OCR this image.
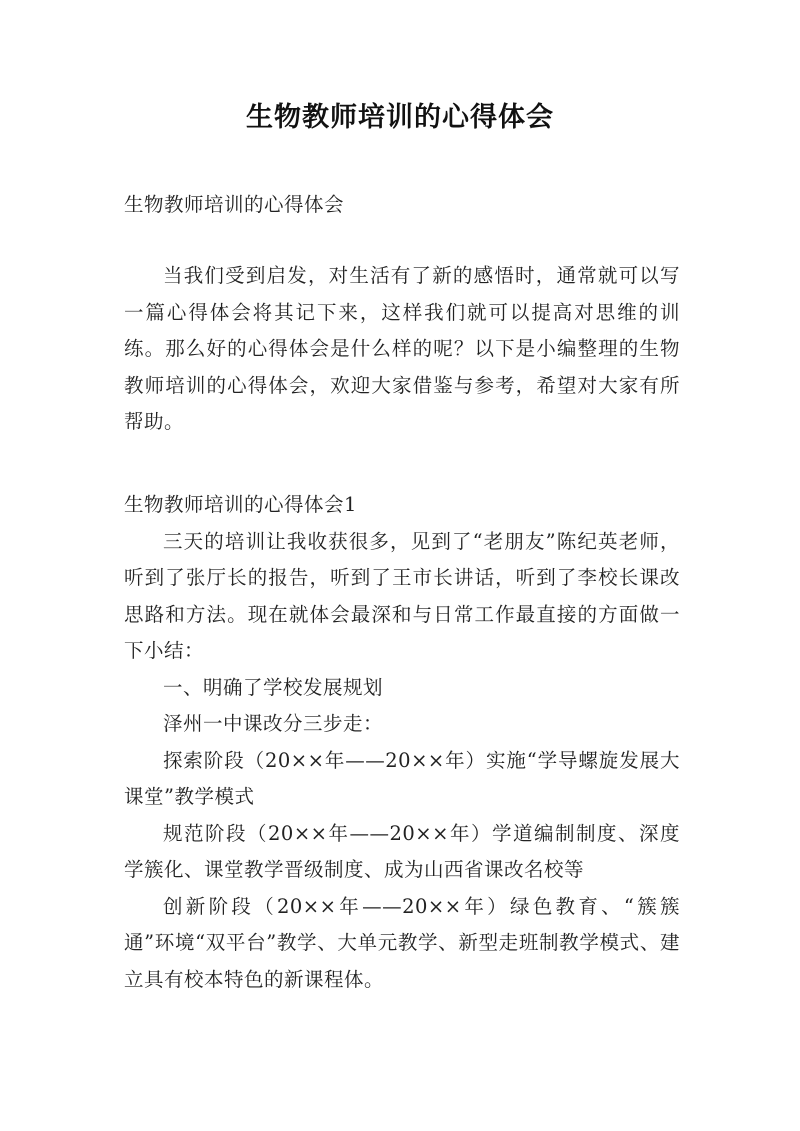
生物教师培训的心得体会

生物教师培训的心得体会

当我们受到启发，对生活有了新的感悟时，通常就可以写一篇心得体会将其记下来，这样我们就可以提高对思维的训练。那么好的心得体会是什么样的呢？以下是小编整理的生物教师培训的心得体会，欢迎大家借鉴与参考，希望对大家有所帮助。

生物教师培训的心得体会1

三天的培训让我收获很多，见到了“老朋友”陈纪英老师，听到了张厅长的报告，听到了王市长讲话，听到了李校长课改思路和方法。现在就体会最深和与日常工作最直接的方面做一下小结：

一、明确了学校发展规划

泽州一中课改分三步走：

探索阶段（20××年——20××年）实施“学导螺旋发展大课堂”教学模式

规范阶段（20××年——20××年）学道编制制度、深度学簇化、课堂教学晋级制度、成为山西省课改名校等

创新阶段（20××年——20××年）绿色教育、“簇簇通”环境“双平台”教学、大单元教学、新型走班制教学模式、建立具有校本特色的新课程体。
